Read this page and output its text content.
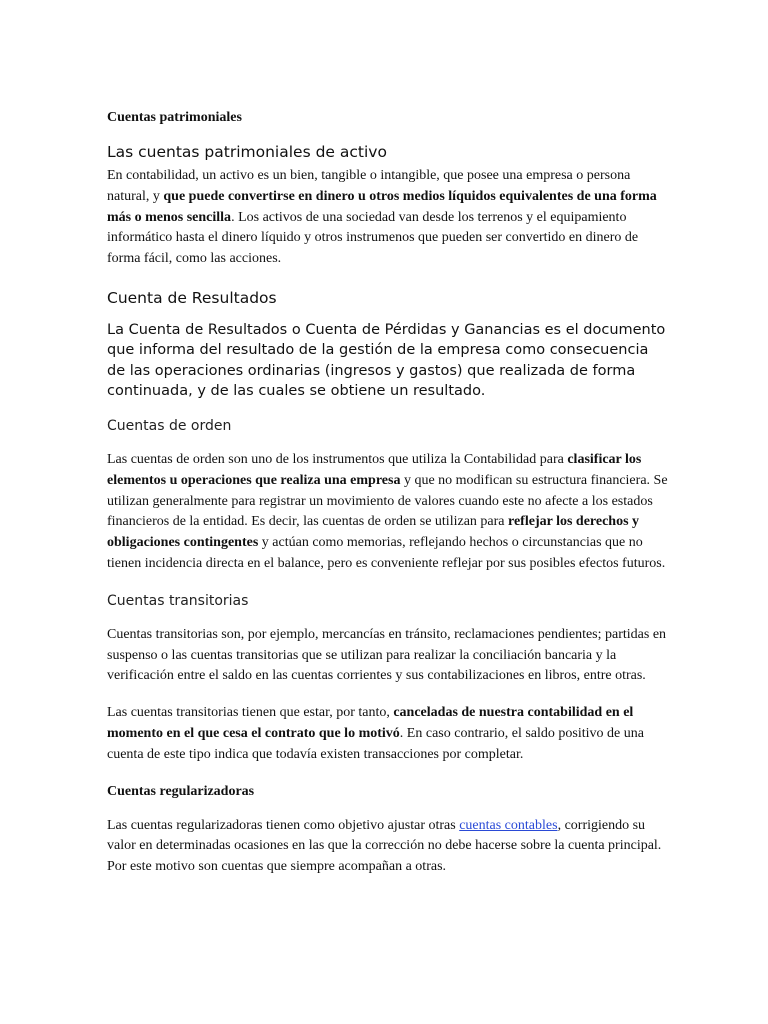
Cuentas patrimoniales
Las cuentas patrimoniales de activo

En contabilidad, un activo es un bien, tangible o intangible, que posee una empresa o persona natural, y que puede convertirse en dinero u otros medios líquidos equivalentes de una forma más o menos sencilla. Los activos de una sociedad van desde los terrenos y el equipamiento informático hasta el dinero líquido y otros instrumenos que pueden ser convertido en dinero de forma fácil, como las acciones.

Cuenta de Resultados

La Cuenta de Resultados o Cuenta de Pérdidas y Ganancias es el documento que informa del resultado de la gestión de la empresa como consecuencia de las operaciones ordinarias (ingresos y gastos) que realizada de forma continuada, y de las cuales se obtiene un resultado.

Cuentas de orden

Las cuentas de orden son uno de los instrumentos que utiliza la Contabilidad para clasificar los elementos u operaciones que realiza una empresa y que no modifican su estructura financiera. Se utilizan generalmente para registrar un movimiento de valores cuando este no afecte a los estados financieros de la entidad. Es decir, las cuentas de orden se utilizan para reflejar los derechos y obligaciones contingentes y actúan como memorias, reflejando hechos o circunstancias que no tienen incidencia directa en el balance, pero es conveniente reflejar por sus posibles efectos futuros.

Cuentas transitorias

Cuentas transitorias son, por ejemplo, mercancías en tránsito, reclamaciones pendientes; partidas en suspenso o las cuentas transitorias que se utilizan para realizar la conciliación bancaria y la verificación entre el saldo en las cuentas corrientes y sus contabilizaciones en libros, entre otras.

Las cuentas transitorias tienen que estar, por tanto, canceladas de nuestra contabilidad en el momento en el que cesa el contrato que lo motivó. En caso contrario, el saldo positivo de una cuenta de este tipo indica que todavía existen transacciones por completar.

Cuentas regularizadoras

Las cuentas regularizadoras tienen como objetivo ajustar otras cuentas contables, corrigiendo su valor en determinadas ocasiones en las que la corrección no debe hacerse sobre la cuenta principal. Por este motivo son cuentas que siempre acompañan a otras.
